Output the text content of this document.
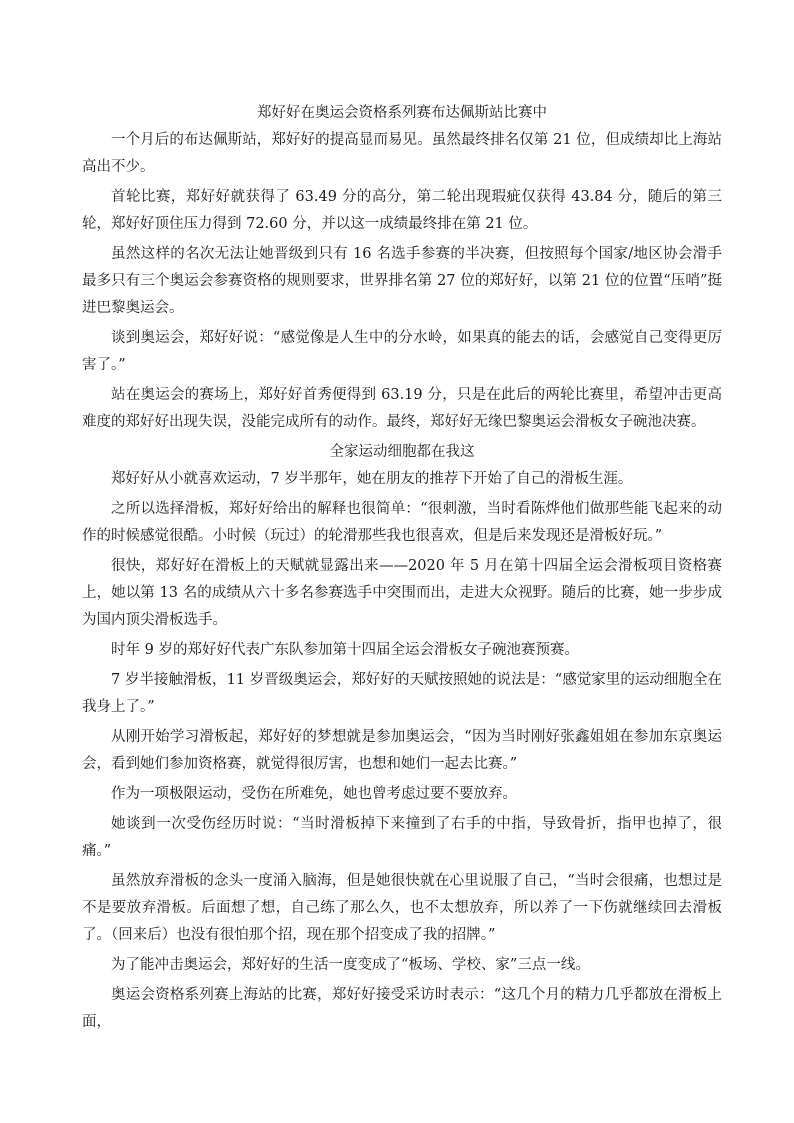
郑好好在奥运会资格系列赛布达佩斯站比赛中

一个月后的布达佩斯站，郑好好的提高显而易见。虽然最终排名仅第 21 位，但成绩却比上海站高出不少。

首轮比赛，郑好好就获得了 63.49 分的高分，第二轮出现瑕疵仅获得 43.84 分，随后的第三轮，郑好好顶住压力得到 72.60 分，并以这一成绩最终排在第 21 位。

虽然这样的名次无法让她晋级到只有 16 名选手参赛的半决赛，但按照每个国家/地区协会滑手最多只有三个奥运会参赛资格的规则要求，世界排名第 27 位的郑好好，以第 21 位的位置“压哨”挺进巴黎奥运会。

谈到奥运会，郑好好说：“感觉像是人生中的分水岭，如果真的能去的话，会感觉自己变得更厉害了。”

站在奥运会的赛场上，郑好好首秀便得到 63.19 分，只是在此后的两轮比赛里，希望冲击更高难度的郑好好出现失误，没能完成所有的动作。最终，郑好好无缘巴黎奥运会滑板女子碗池决赛。

全家运动细胞都在我这

郑好好从小就喜欢运动，7 岁半那年，她在朋友的推荐下开始了自己的滑板生涯。

之所以选择滑板，郑好好给出的解释也很简单：“很刺激，当时看陈烨他们做那些能飞起来的动作的时候感觉很酷。小时候（玩过）的轮滑那些我也很喜欢，但是后来发现还是滑板好玩。”

很快，郑好好在滑板上的天赋就显露出来——2020 年 5 月在第十四届全运会滑板项目资格赛上，她以第 13 名的成绩从六十多名参赛选手中突围而出，走进大众视野。随后的比赛，她一步步成为国内顶尖滑板选手。

时年 9 岁的郑好好代表广东队参加第十四届全运会滑板女子碗池赛预赛。

7 岁半接触滑板，11 岁晋级奥运会，郑好好的天赋按照她的说法是：“感觉家里的运动细胞全在我身上了。”

从刚开始学习滑板起，郑好好的梦想就是参加奥运会，“因为当时刚好张鑫姐姐在参加东京奥运会，看到她们参加资格赛，就觉得很厉害，也想和她们一起去比赛。”

作为一项极限运动，受伤在所难免，她也曾考虑过要不要放弃。

她谈到一次受伤经历时说：“当时滑板掉下来撞到了右手的中指，导致骨折，指甲也掉了，很痛。”

虽然放弃滑板的念头一度涌入脑海，但是她很快就在心里说服了自己，“当时会很痛，也想过是不是要放弃滑板。后面想了想，自己练了那么久，也不太想放弃，所以养了一下伤就继续回去滑板了。（回来后）也没有很怕那个招，现在那个招变成了我的招牌。”

为了能冲击奥运会，郑好好的生活一度变成了“板场、学校、家”三点一线。

奥运会资格系列赛上海站的比赛，郑好好接受采访时表示：“这几个月的精力几乎都放在滑板上面，
